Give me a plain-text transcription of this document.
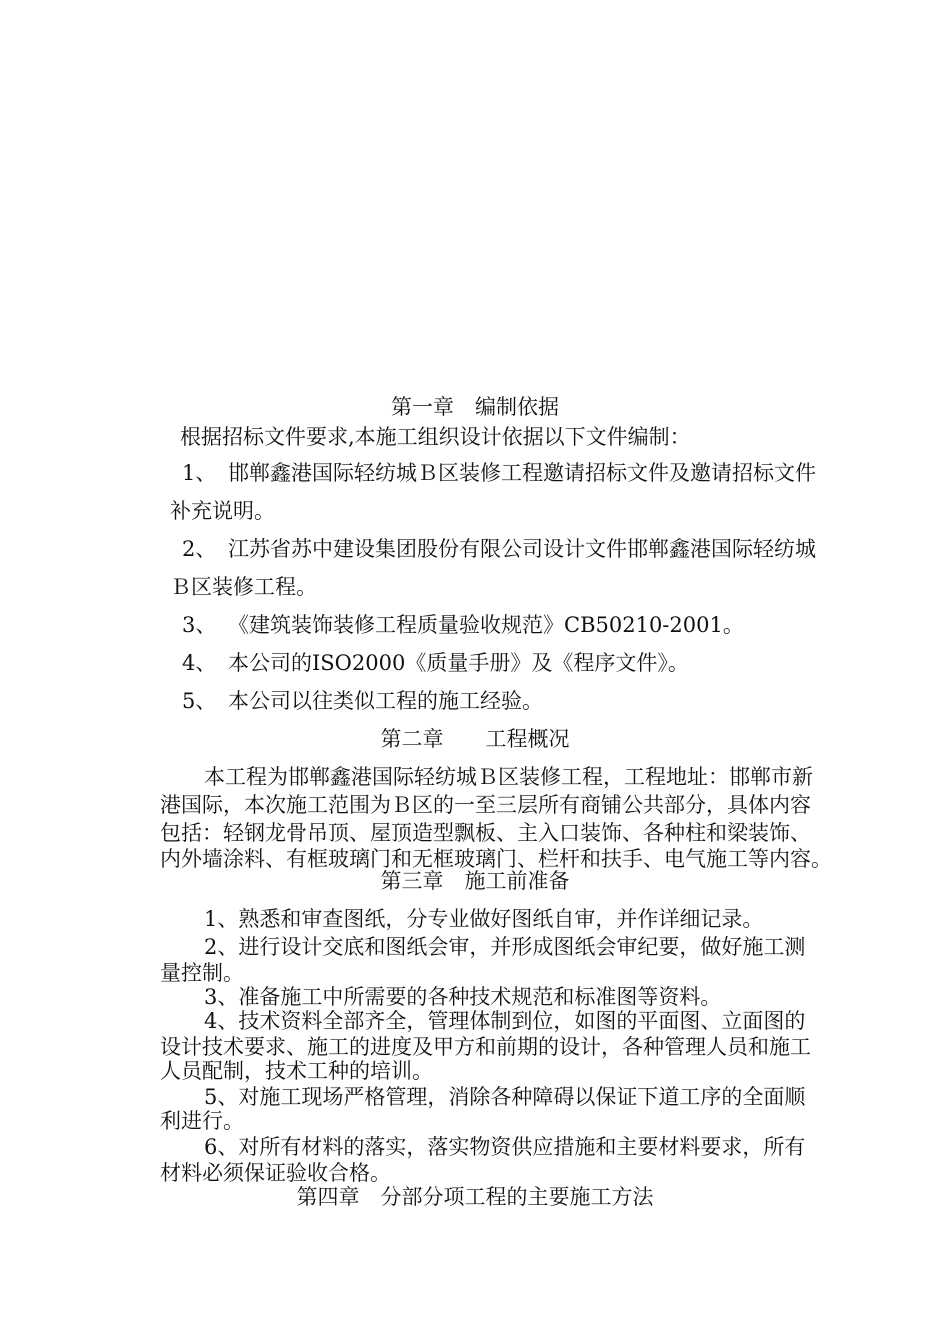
第一章　编制依据
根据招标文件要求,本施工组织设计依据以下文件编制：
1、 邯郸鑫港国际轻纺城Ｂ区装修工程邀请招标文件及邀请招标文件
补充说明。
2、 江苏省苏中建设集团股份有限公司设计文件邯郸鑫港国际轻纺城
Ｂ区装修工程。
3、 《建筑装饰装修工程质量验收规范》CB50210-2001。
4、 本公司的ISO2000《质量手册》及《程序文件》。
5、 本公司以往类似工程的施工经验。
第二章　　工程概况
本工程为邯郸鑫港国际轻纺城Ｂ区装修工程，工程地址：邯郸市新
港国际，本次施工范围为Ｂ区的一至三层所有商铺公共部分，具体内容
包括：轻钢龙骨吊顶、屋顶造型飘板、主入口装饰、各种柱和梁装饰、
内外墙涂料、有框玻璃门和无框玻璃门、栏杆和扶手、电气施工等内容。
第三章　施工前准备
1、熟悉和审查图纸，分专业做好图纸自审，并作详细记录。
2、进行设计交底和图纸会审，并形成图纸会审纪要，做好施工测
量控制。
3、准备施工中所需要的各种技术规范和标准图等资料。
4、技术资料全部齐全，管理体制到位，如图的平面图、立面图的
设计技术要求、施工的进度及甲方和前期的设计，各种管理人员和施工
人员配制，技术工种的培训。
5、对施工现场严格管理，消除各种障碍以保证下道工序的全面顺
利进行。
6、对所有材料的落实，落实物资供应措施和主要材料要求，所有
材料必须保证验收合格。
第四章　分部分项工程的主要施工方法
